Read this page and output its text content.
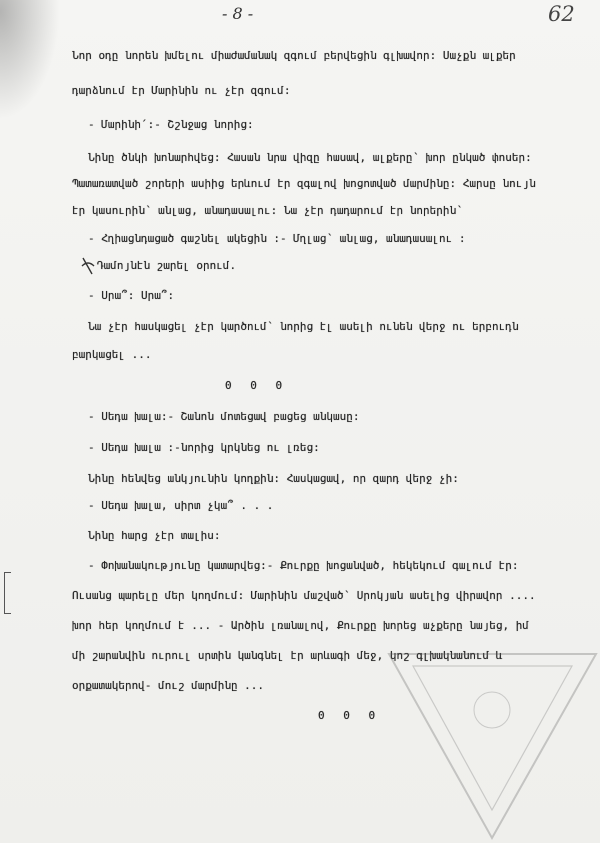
- 8 -	62

Նոր օդը նորեն խմելու միաժամանակ զգում բերվեցին գլխավոր: Սաչքն ալքեր

դարձնում էր Մարինին ու չէր զգում:

- Մարինի՛:- Շշնջաց նորից:

Նինը ծնկի խոնարհվեց: Հասան նրա վիզը հասավ, ալքերը՝ խոր ընկած փոսեր:

Պատառատված շորերի ասիից երևում էր զգալով խոցոտված մարմինը: Հարսը նույն

էր կասուրին՝ անլաց, անադասալու: Նա չէր դադարում էր նորերին՝

- Հղիացնդացած գաշնել ակեցին :- Մղլաց՝ անլաց, անադասալու :

Դամոյնէն շարել օրում.

- Սրա՞: Սրա՞:

Նա չէր հասկացել չէր կարծում՝ նորից էլ ասելի ունեն վերջ ու երբուդն

բարկացել ...

0 0 0

- Սեդա խալա:- Շանոն մոտեցավ բացեց անկասը:

- Սեդա խալա :-նորից կրկնեց ու լռեց:

Նինը հենվեց անկյունին կողքին: Հասկացավ, որ զարդ վերջ չի:

- Սեդա խալա, սիրտ չկա՞ . . .

Նինը հարց չէր տալիս:

- Փոխանակությունը կատարվեց:- Քուրքը խոցանված, հեկեկում գալում էր:

Ուսանց պարելը մեր կողմում: Մարինին մաշված՝ Սրոկյան ասելից վիրավոր ....

խոր հեր կողմում է ... - Արծին լռանալով, Քուրքը խորեց աչքերը նայեց, իմ

մի շարանվին ուրուլ սրտին կանգնել էր արևագի մեջ, կոշ գլխակնանում և

օրքատակերով- մուշ մարմինը ...

0 0 0
